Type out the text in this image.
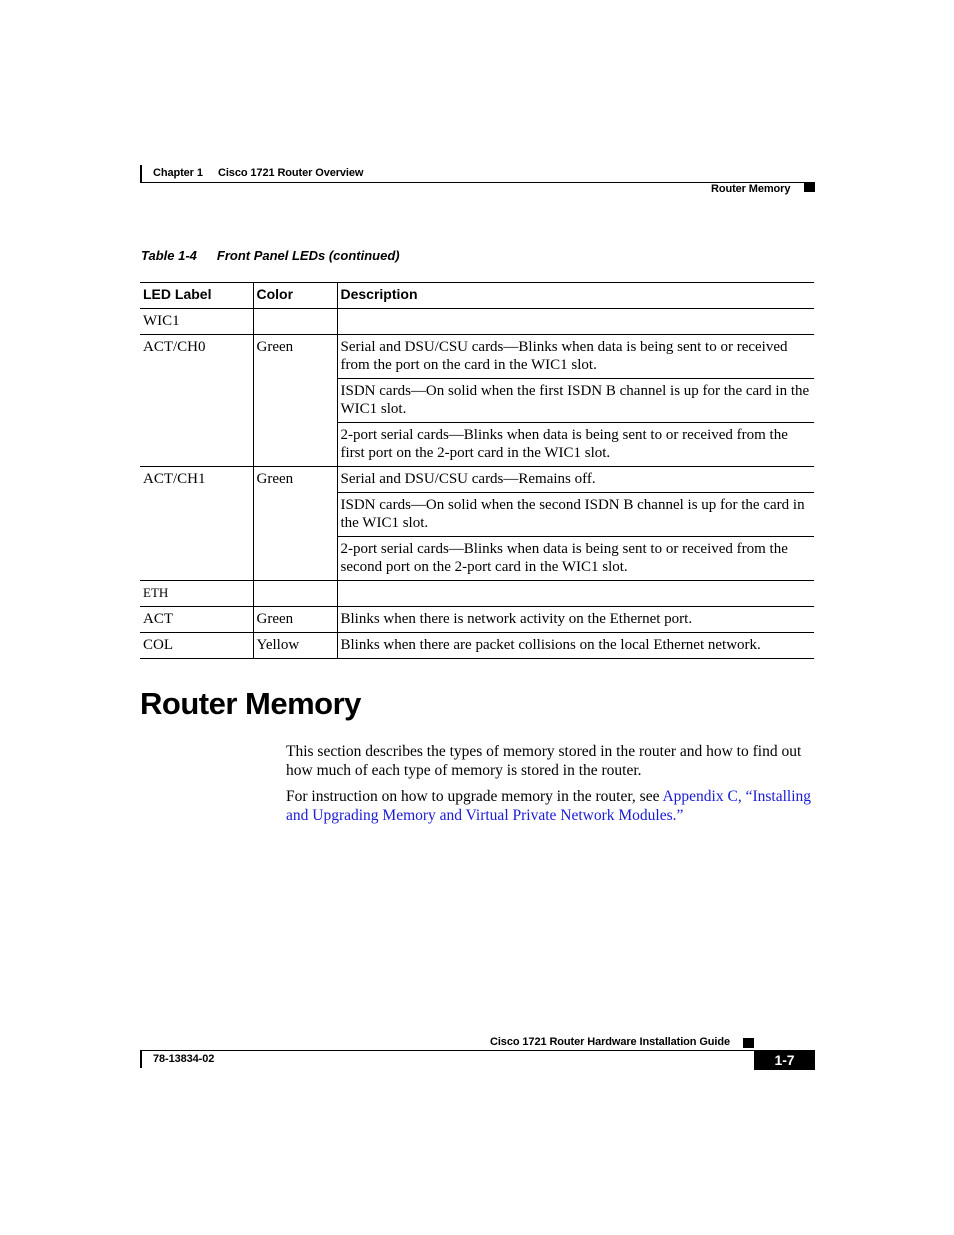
Chapter 1 Cisco 1721 Router Overview
Router Memory
Table 1-4 Front Panel LEDs (continued)
LED Label	Color	Description
WIC1		
ACT/CH0	Green	Serial and DSU/CSU cards—Blinks when data is being sent to or received from the port on the card in the WIC1 slot.
		ISDN cards—On solid when the first ISDN B channel is up for the card in the WIC1 slot.
		2-port serial cards—Blinks when data is being sent to or received from the first port on the 2-port card in the WIC1 slot.
ACT/CH1	Green	Serial and DSU/CSU cards—Remains off.
		ISDN cards—On solid when the second ISDN B channel is up for the card in the WIC1 slot.
		2-port serial cards—Blinks when data is being sent to or received from the second port on the 2-port card in the WIC1 slot.
ETH		
ACT	Green	Blinks when there is network activity on the Ethernet port.
COL	Yellow	Blinks when there are packet collisions on the local Ethernet network.
Router Memory

This section describes the types of memory stored in the router and how to find out how much of each type of memory is stored in the router.

For instruction on how to upgrade memory in the router, see Appendix C, “Installing and Upgrading Memory and Virtual Private Network Modules.”

Cisco 1721 Router Hardware Installation Guide
78-13834-02	1-7
